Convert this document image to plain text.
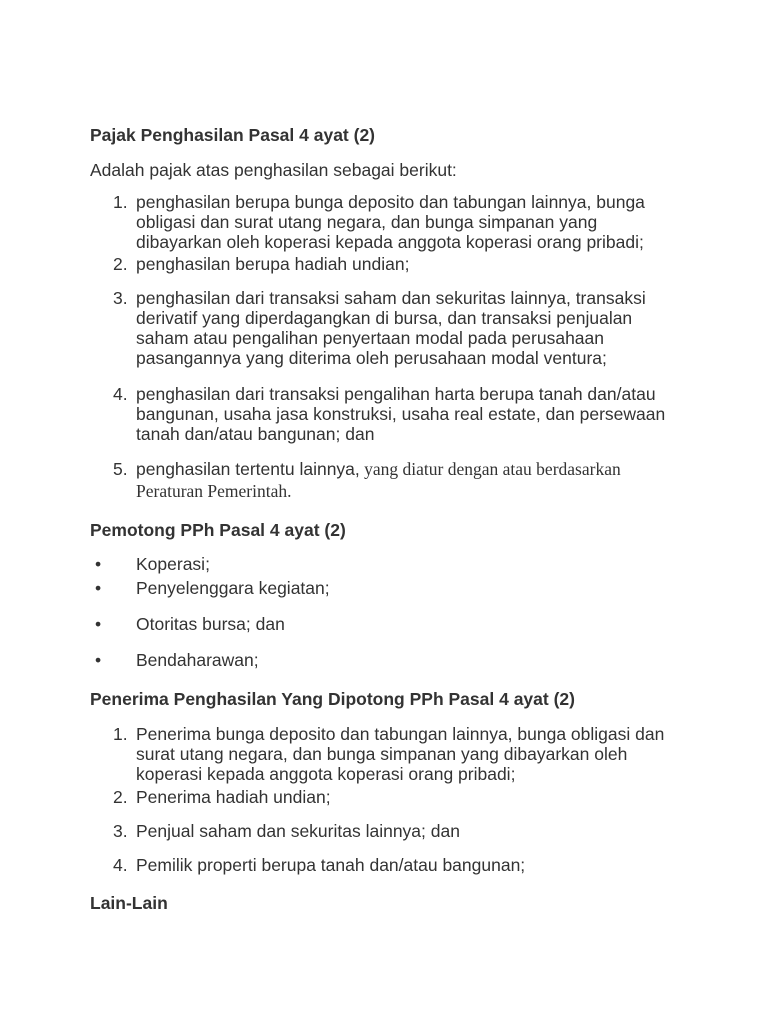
Pajak Penghasilan Pasal 4 ayat (2)
Adalah pajak atas penghasilan sebagai berikut:
1. penghasilan berupa bunga deposito dan tabungan lainnya, bunga obligasi dan surat utang negara, dan bunga simpanan yang dibayarkan oleh koperasi kepada anggota koperasi orang pribadi;
2. penghasilan berupa hadiah undian;
3. penghasilan dari transaksi saham dan sekuritas lainnya, transaksi derivatif yang diperdagangkan di bursa, dan transaksi penjualan saham atau pengalihan penyertaan modal pada perusahaan pasangannya yang diterima oleh perusahaan modal ventura;
4. penghasilan dari transaksi pengalihan harta berupa tanah dan/atau bangunan, usaha jasa konstruksi, usaha real estate, dan persewaan tanah dan/atau bangunan; dan
5. penghasilan tertentu lainnya, yang diatur dengan atau berdasarkan Peraturan Pemerintah.
Pemotong PPh Pasal 4 ayat (2)
• Koperasi;
• Penyelenggara kegiatan;
• Otoritas bursa; dan
• Bendaharawan;
Penerima Penghasilan Yang Dipotong PPh Pasal 4 ayat (2)
1. Penerima bunga deposito dan tabungan lainnya, bunga obligasi dan surat utang negara, dan bunga simpanan yang dibayarkan oleh koperasi kepada anggota koperasi orang pribadi;
2. Penerima hadiah undian;
3. Penjual saham dan sekuritas lainnya; dan
4. Pemilik properti berupa tanah dan/atau bangunan;
Lain-Lain
